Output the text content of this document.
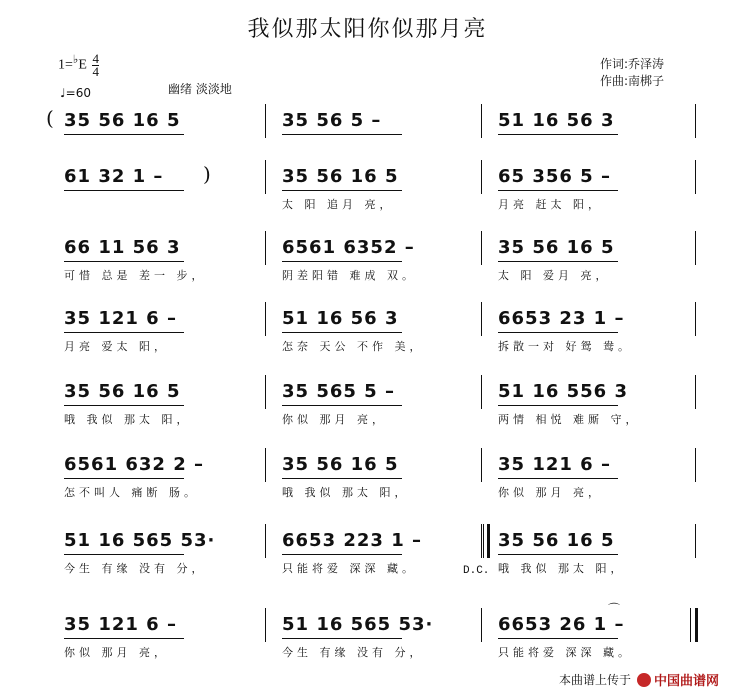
我似那太阳你似那月亮
$1=^♭E \frac{4}{4}$
♩=60	幽绪 淡淡地
作词:乔泽涛
作曲:南梆子
35 56 16 5	35 56 5 –	51 16 56 3
61 32 1 –	35 56 16 5
太 阳 追月 亮，
65 356 5 –
月亮 赶太 阳，
66 11 56 3
可惜 总是 差一 步，
6561 6352 –
阴差阳错 难成 双。
35 56 16 5
太 阳 爱月 亮，
35 121 6 –
月亮 爱太 阳，
51 16 56 3
怎奈 天公 不作 美，
6653 23 1 –
拆散一对 好鸳 鸯。
35 56 16 5
哦 我似 那太 阳，
35 565 5 –
你似 那月 亮，
51 16 556 3
两情 相悦 难厮 守，
6561 632 2 –
怎不叫人 痛断 肠。
35 56 16 5
哦 我似 那太 阳，
35 121 6 –
你似 那月 亮，
51 16 565 53·
今生 有缘 没有 分，
6653 223 1 –
只能将爱 深深 藏。
35 56 16 5
哦 我似 那太 阳，
35 121 6 –
你似 那月 亮，
51 16 565 53·
今生 有缘 没有 分，
6653 26 1 –
只能将爱 深深 藏。
D.C.
(
)
⌒
本曲谱上传于 中国曲谱网
